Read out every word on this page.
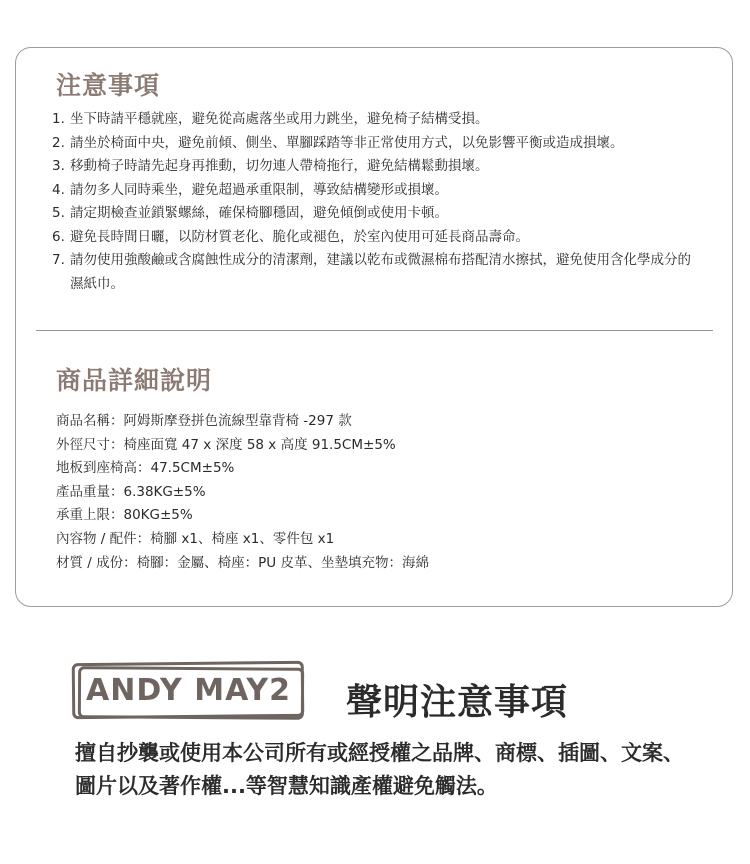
注意事項
1. 坐下時請平穩就座，避免從高處落坐或用力跳坐，避免椅子結構受損。
2. 請坐於椅面中央，避免前傾、側坐、單腳踩踏等非正常使用方式，以免影響平衡或造成損壞。
3. 移動椅子時請先起身再推動，切勿連人帶椅拖行，避免結構鬆動損壞。
4. 請勿多人同時乘坐，避免超過承重限制，導致結構變形或損壞。
5. 請定期檢查並鎖緊螺絲，確保椅腳穩固，避免傾倒或使用卡頓。
6. 避免長時間日曬，以防材質老化、脆化或褪色，於室內使用可延長商品壽命。
7. 請勿使用強酸鹼或含腐蝕性成分的清潔劑，建議以乾布或微濕棉布搭配清水擦拭，避免使用含化學成分的濕紙巾。
商品詳細說明
商品名稱：阿姆斯摩登拼色流線型靠背椅 -297 款
外徑尺寸：椅座面寬 47 x 深度 58 x 高度 91.5CM±5%
地板到座椅高：47.5CM±5%
產品重量：6.38KG±5%
承重上限：80KG±5%
內容物 / 配件：椅腳 x1、椅座 x1、零件包 x1
材質 / 成份：椅腳：金屬、椅座：PU 皮革、坐墊填充物：海綿
ANDY MAY2 聲明注意事項

擅自抄襲或使用本公司所有或經授權之品牌、商標、插圖、文案、
圖片以及著作權...等智慧知識產權避免觸法。
